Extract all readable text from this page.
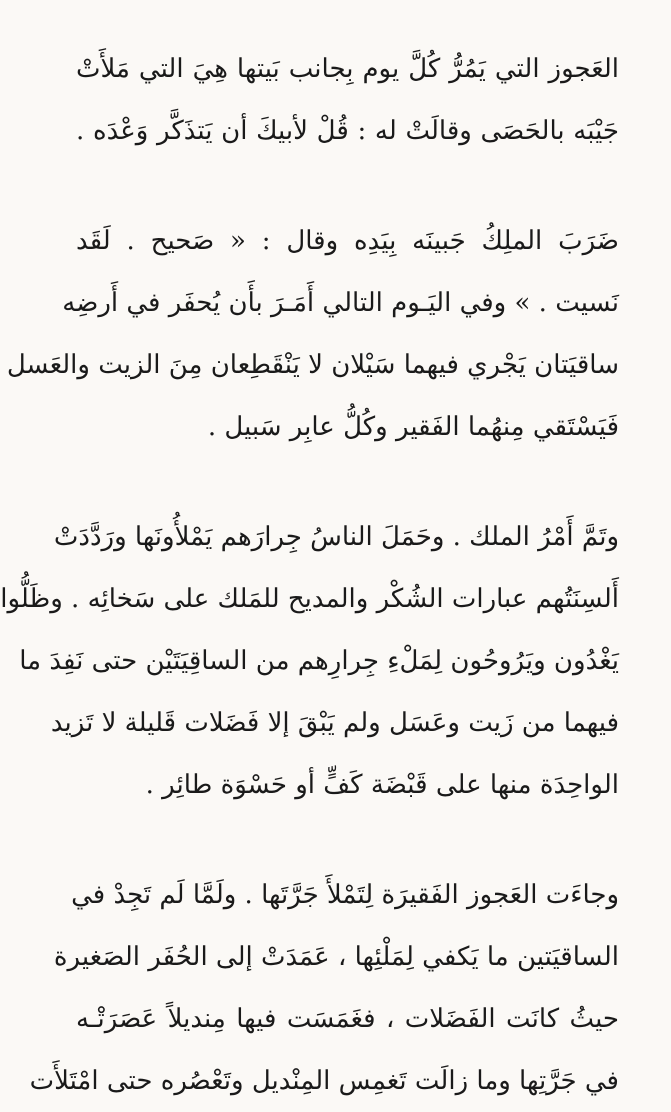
العَجوز التي يَمُرُّ كُلَّ يوم بِجانب بَيتها هِيَ التي مَلأَتْ
جَيْبَه بالحَصَى وقالَتْ له : قُلْ لأبيكَ أن يَتذَكَّر وَعْدَه .
ضَرَبَ الملِكُ جَبينَه بِيَدِه وقال : « صَحيح . لَقَد
نَسيت . » وفي اليَـوم التالي أَمَـرَ بأَن يُحفَر في أَرضِه
ساقيَتان يَجْري فيهما سَيْلان لا يَنْقَطِعان مِنَ الزيت والعَسل
فَيَسْتَقي مِنهُما الفَقير وكُلُّ عابِر سَبيل .
وتَمَّ أَمْرُ الملك . وحَمَلَ الناسُ جِرارَهم يَمْلأُونَها ورَدَّدَتْ
أَلسِنَتُهم عبارات الشُكْر والمديح للمَلك على سَخائِه . وظَلُّوا
يَغْدُون ويَرُوحُون لِمَلْءِ جِرارِهم من الساقِيَتَيْن حتى نَفِدَ ما
فيهما من زَيت وعَسَل ولم يَبْقَ إلا فَضَلات قَليلة لا تَزيد
الواحِدَة منها على قَبْضَة كَفٍّ أو حَسْوَة طائِر .
وجاءَت العَجوز الفَقيرَة لِتَمْلأَ جَرَّتَها . ولَمَّا لَم تَجِدْ في
الساقيَتين ما يَكفي لِمَلْئِها ، عَمَدَتْ إلى الحُفَر الصَغيرة
حيثُ كانَت الفَضَلات ، فغَمَسَت فيها مِنديلاً عَصَرَتْـه
في جَرَّتِها وما زالَت تَغمِس المِنْديل وتَعْصُره حتى امْتَلأَت
